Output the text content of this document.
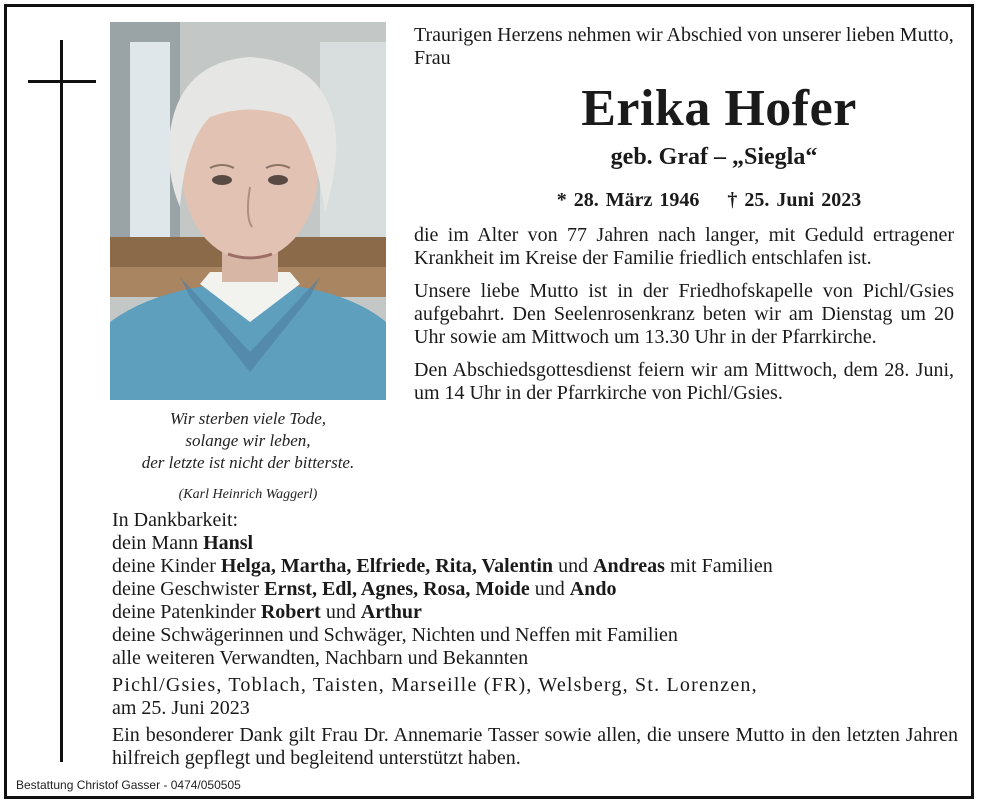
Wir sterben viele Tode,
solange wir leben,
der letzte ist nicht der bitterste.
(Karl Heinrich Waggerl)

Traurigen Herzens nehmen wir Abschied von unserer lieben Mutto, Frau

Erika Hofer

geb. Graf – „Siegla“

* 28. März 1946 † 25. Juni 2023

die im Alter von 77 Jahren nach langer, mit Geduld ertragener Krankheit im Kreise der Familie friedlich entschlafen ist.

Unsere liebe Mutto ist in der Friedhofskapelle von Pichl/Gsies aufgebahrt. Den Seelenrosenkranz beten wir am Dienstag um 20 Uhr sowie am Mittwoch um 13.30 Uhr in der Pfarrkirche.

Den Abschiedsgottesdienst feiern wir am Mittwoch, dem 28. Juni, um 14 Uhr in der Pfarrkirche von Pichl/Gsies.

In Dankbarkeit:

dein Mann Hansl

deine Kinder Helga, Martha, Elfriede, Rita, Valentin und Andreas mit Familien

deine Geschwister Ernst, Edl, Agnes, Rosa, Moide und Ando

deine Patenkinder Robert und Arthur

deine Schwägerinnen und Schwäger, Nichten und Neffen mit Familien

alle weiteren Verwandten, Nachbarn und Bekannten

Pichl/Gsies, Toblach, Taisten, Marseille (FR), Welsberg, St. Lorenzen,

am 25. Juni 2023

Ein besonderer Dank gilt Frau Dr. Annemarie Tasser sowie allen, die unsere Mutto in den letzten Jahren hilfreich gepflegt und begleitend unterstützt haben.

Bestattung Christof Gasser - 0474/050505
